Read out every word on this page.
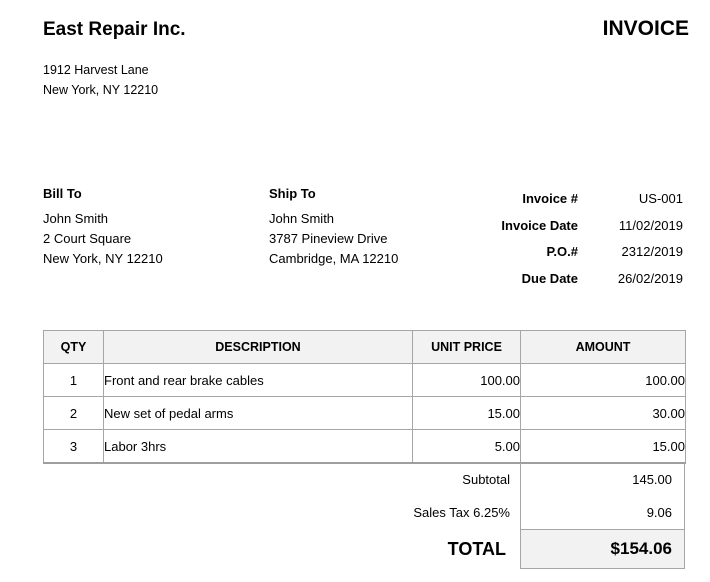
East Repair Inc.	INVOICE
1912 Harvest Lane
New York, NY 12210
Bill To
John Smith
2 Court Square
New York, NY 12210
Ship To
John Smith
3787 Pineview Drive
Cambridge, MA 12210
Invoice #	US-001
Invoice Date	11/02/2019
P.O.#	2312/2019
Due Date	26/02/2019
QTY	DESCRIPTION	UNIT PRICE	AMOUNT
1	Front and rear brake cables	100.00	100.00
2	New set of pedal arms	15.00	30.00
3	Labor 3hrs	5.00	15.00
Subtotal	145.00
Sales Tax 6.25%	9.06
TOTAL	$154.06
